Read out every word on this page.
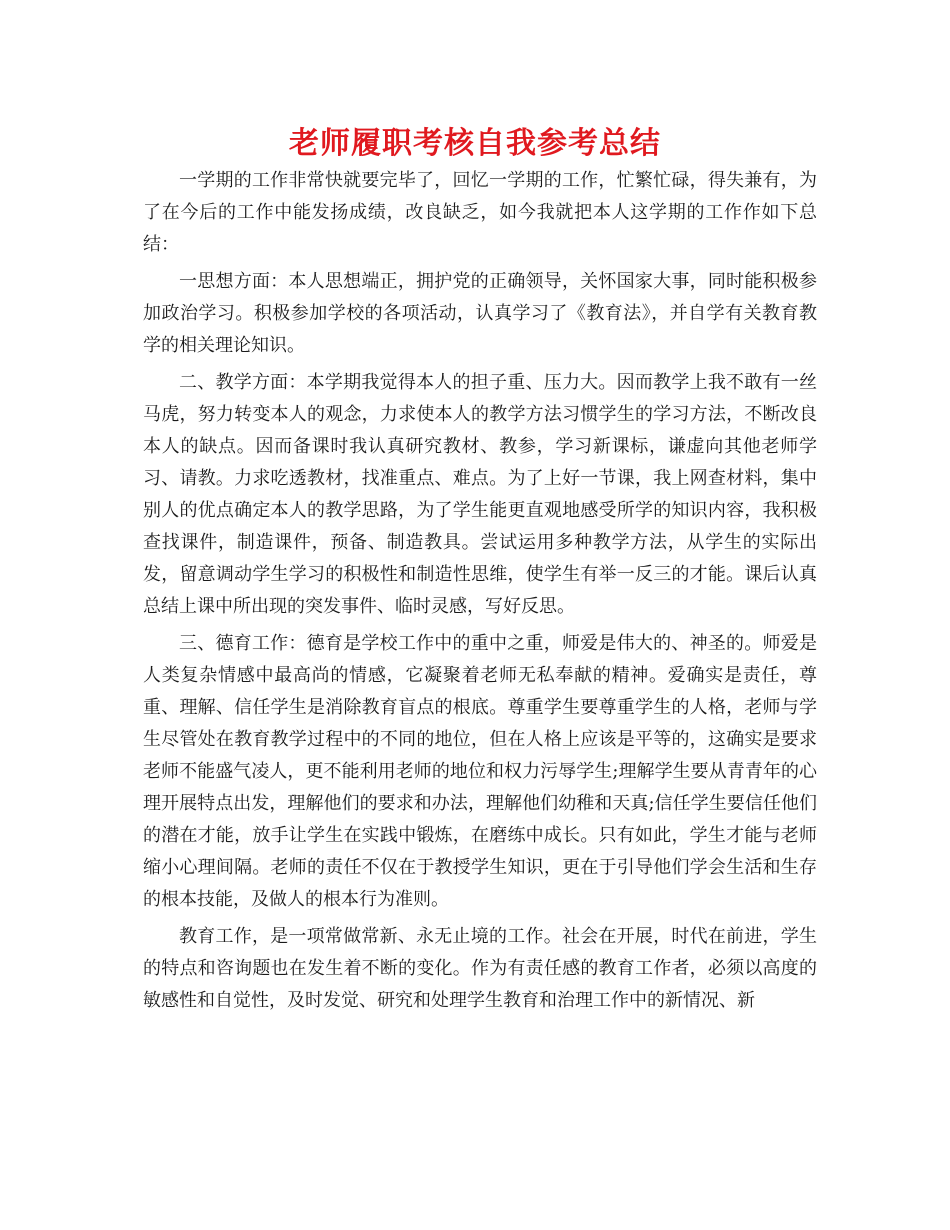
老师履职考核自我参考总结

一学期的工作非常快就要完毕了，回忆一学期的工作，忙繁忙碌，得失兼有，为了在今后的工作中能发扬成绩，改良缺乏，如今我就把本人这学期的工作作如下总结：

一思想方面：本人思想端正，拥护党的正确领导，关怀国家大事，同时能积极参加政治学习。积极参加学校的各项活动，认真学习了《教育法》，并自学有关教育教学的相关理论知识。

二、教学方面：本学期我觉得本人的担子重、压力大。因而教学上我不敢有一丝马虎，努力转变本人的观念，力求使本人的教学方法习惯学生的学习方法，不断改良本人的缺点。因而备课时我认真研究教材、教参，学习新课标，谦虚向其他老师学习、请教。力求吃透教材，找准重点、难点。为了上好一节课，我上网查材料，集中别人的优点确定本人的教学思路，为了学生能更直观地感受所学的知识内容，我积极查找课件，制造课件，预备、制造教具。尝试运用多种教学方法，从学生的实际出发，留意调动学生学习的积极性和制造性思维，使学生有举一反三的才能。课后认真总结上课中所出现的突发事件、临时灵感，写好反思。

三、德育工作：德育是学校工作中的重中之重，师爱是伟大的、神圣的。师爱是人类复杂情感中最高尚的情感，它凝聚着老师无私奉献的精神。爱确实是责任，尊重、理解、信任学生是消除教育盲点的根底。尊重学生要尊重学生的人格，老师与学生尽管处在教育教学过程中的不同的地位，但在人格上应该是平等的，这确实是要求老师不能盛气凌人，更不能利用老师的地位和权力污辱学生;理解学生要从青青年的心理开展特点出发，理解他们的要求和办法，理解他们幼稚和天真;信任学生要信任他们的潜在才能，放手让学生在实践中锻炼，在磨练中成长。只有如此，学生才能与老师缩小心理间隔。老师的责任不仅在于教授学生知识，更在于引导他们学会生活和生存的根本技能，及做人的根本行为准则。

教育工作，是一项常做常新、永无止境的工作。社会在开展，时代在前进，学生的特点和咨询题也在发生着不断的变化。作为有责任感的教育工作者，必须以高度的敏感性和自觉性，及时发觉、研究和处理学生教育和治理工作中的新情况、新
